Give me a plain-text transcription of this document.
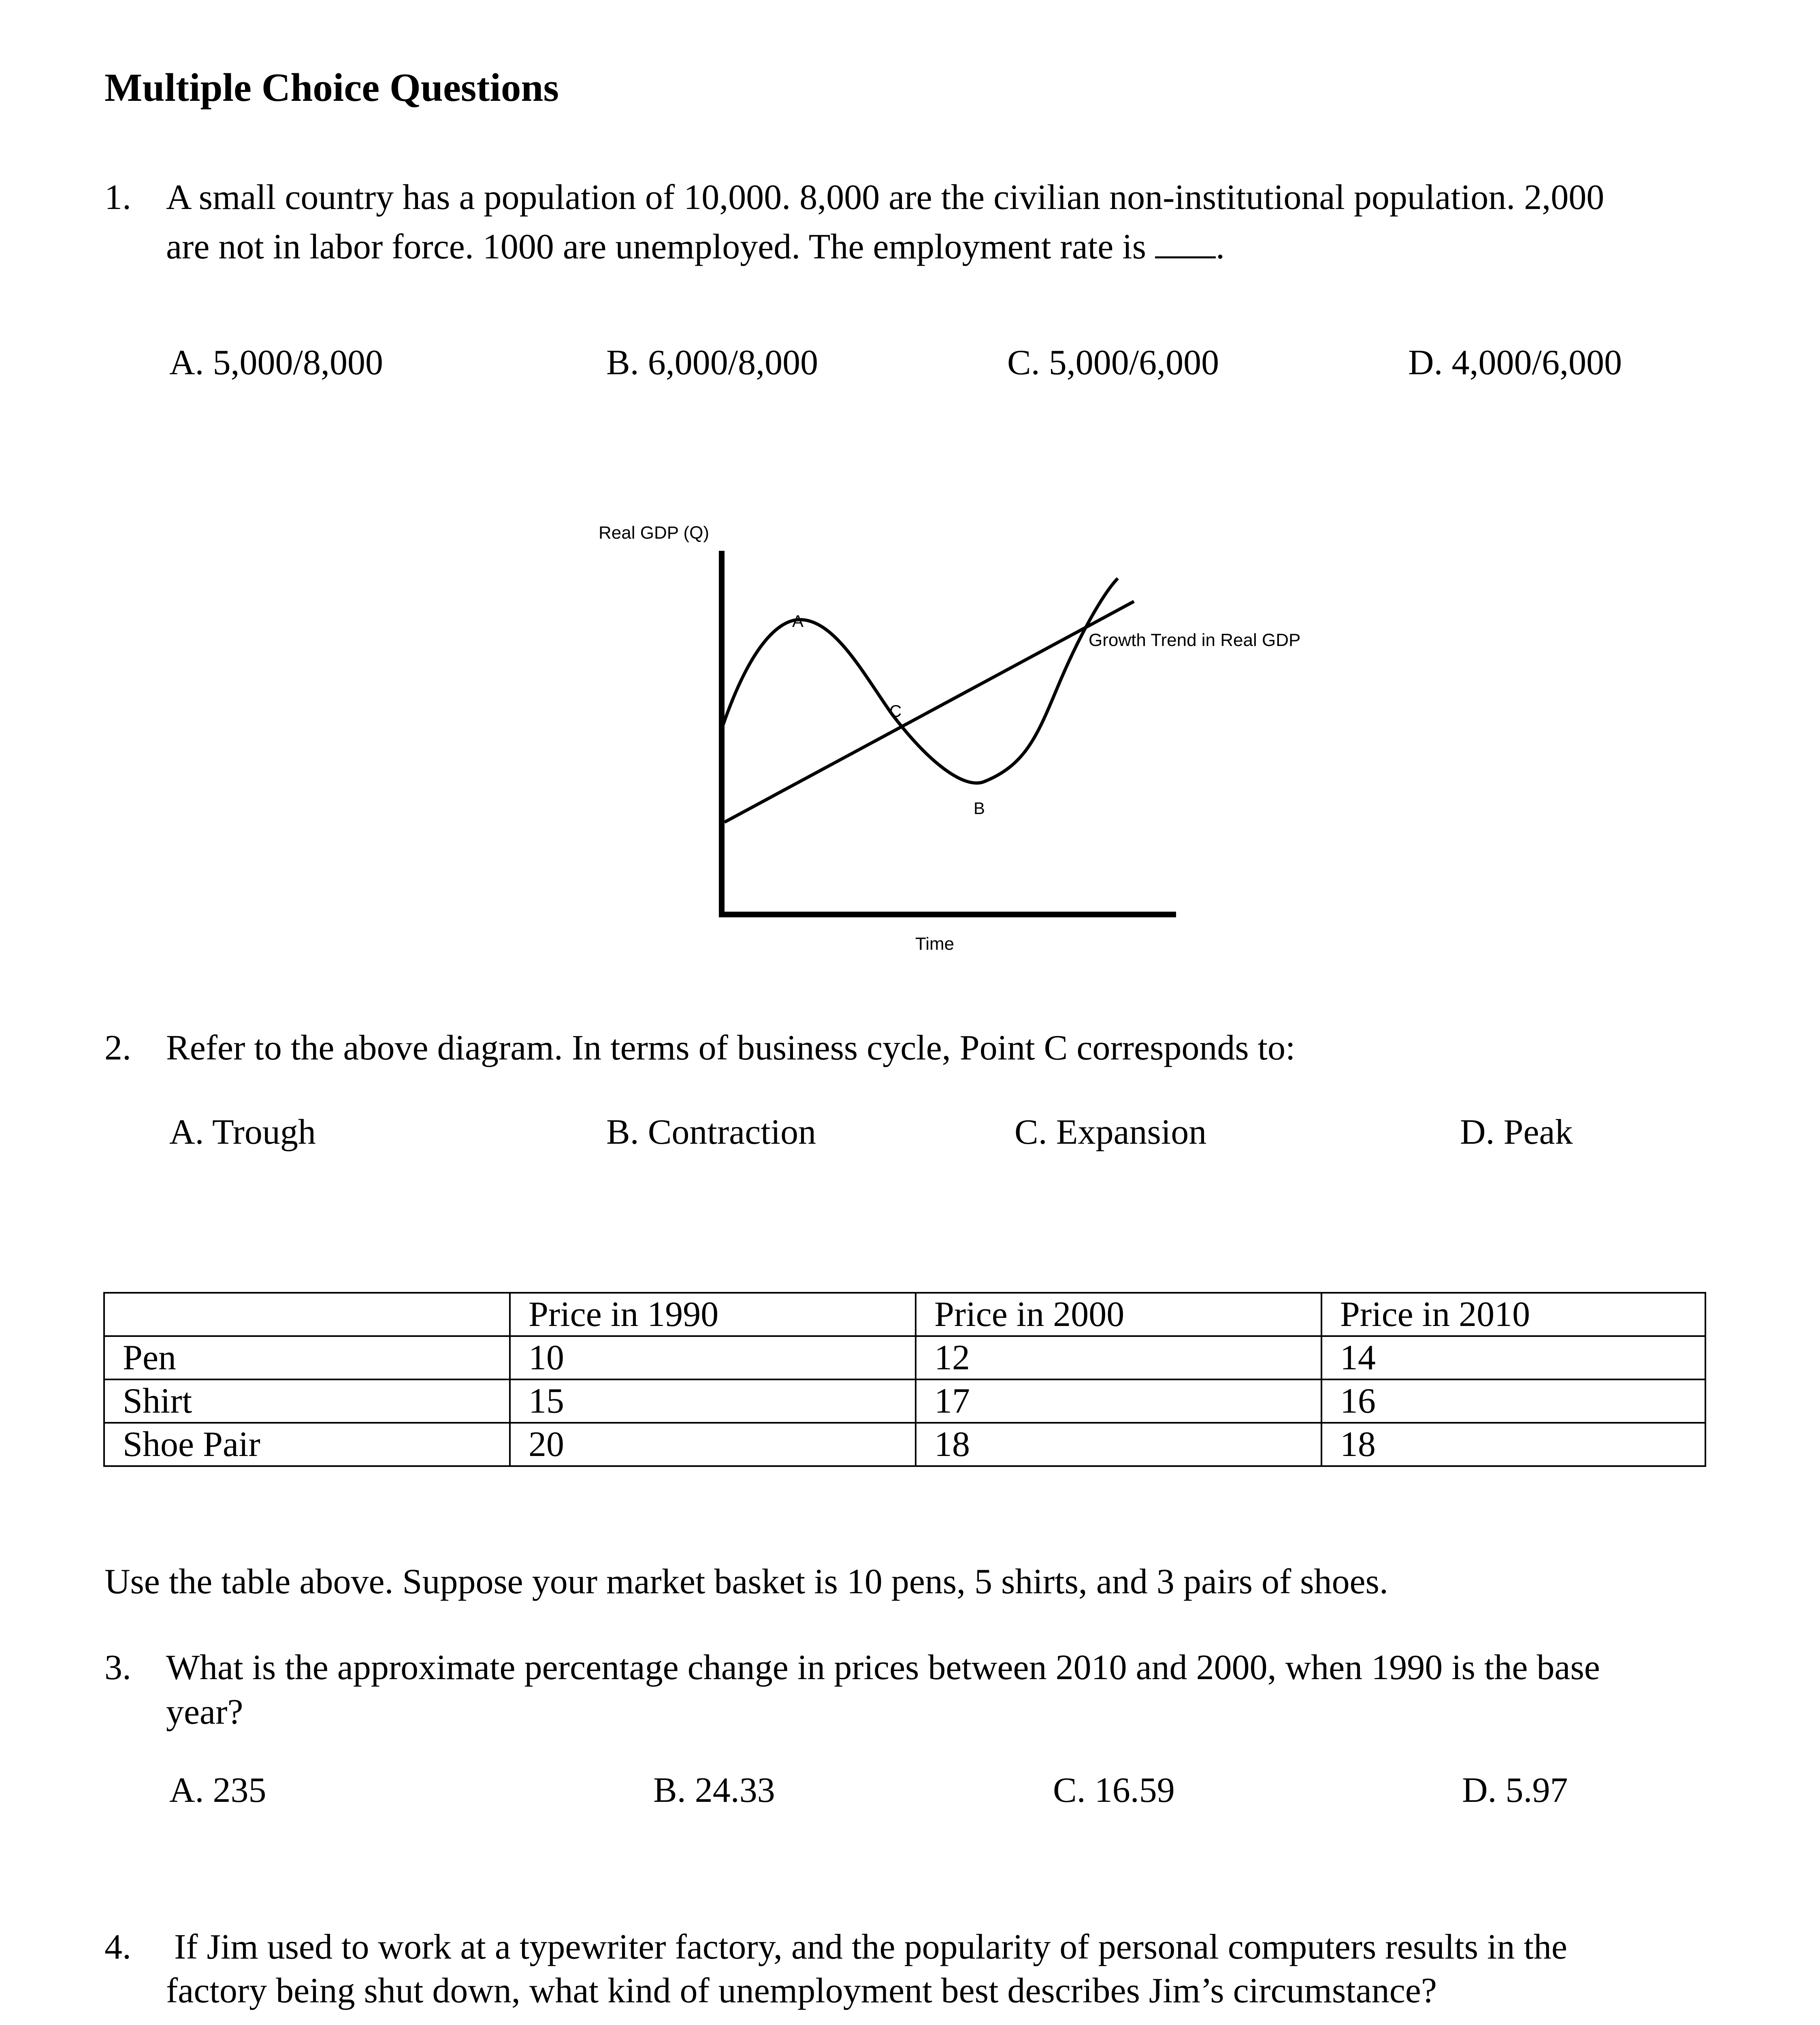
Multiple Choice Questions
1. A small country has a population of 10,000. 8,000 are the civilian non-institutional population. 2,000
are not in labor force. 1000 are unemployed. The employment rate is .
A. 5,000/8,000	B. 6,000/8,000	C. 5,000/6,000	D. 4,000/6,000
Real GDP (Q)
A
C
B
Growth Trend in Real GDP
Time
2. Refer to the above diagram. In terms of business cycle, Point C corresponds to:
A. Trough	B. Contraction	C. Expansion	D. Peak
	Price in 1990	Price in 2000	Price in 2010
Pen	10	12	14
Shirt	15	17	16
Shoe Pair	20	18	18
Use the table above. Suppose your market basket is 10 pens, 5 shirts, and 3 pairs of shoes.
3. What is the approximate percentage change in prices between 2010 and 2000, when 1990 is the base
year?
A. 235	B. 24.33	C. 16.59	D. 5.97
4. If Jim used to work at a typewriter factory, and the popularity of personal computers results in the
factory being shut down, what kind of unemployment best describes Jim’s circumstance?
